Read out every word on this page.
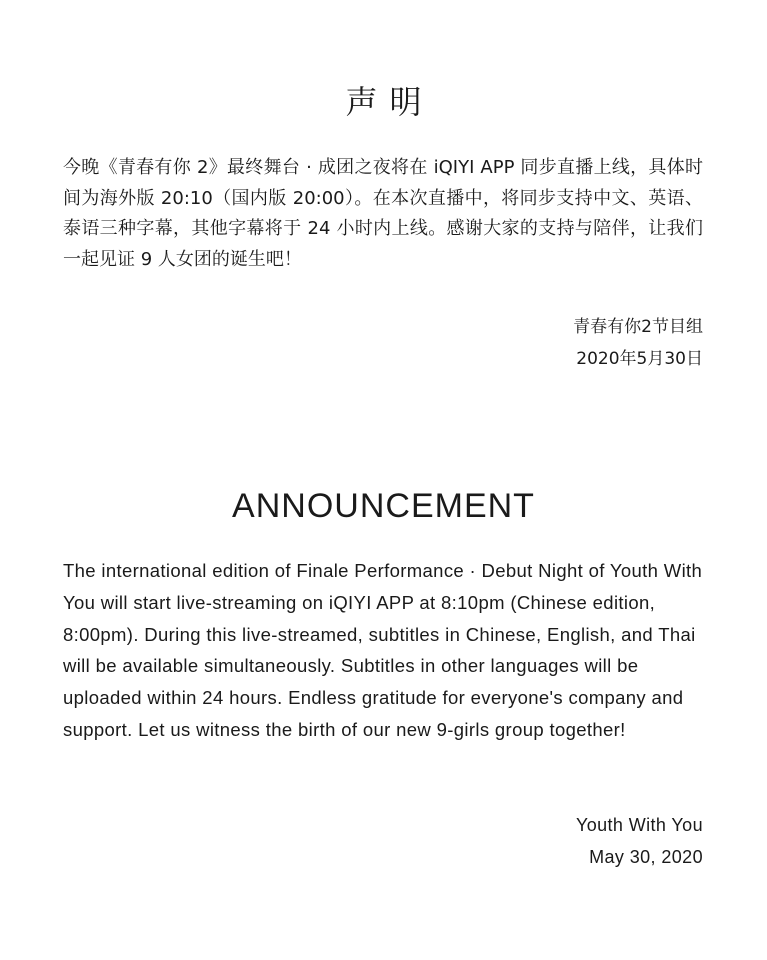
声明

今晚《青春有你 2》最终舞台 · 成团之夜将在 iQIYI APP 同步直播上线，具体时间为海外版 20:10（国内版 20:00）。在本次直播中，将同步支持中文、英语、泰语三种字幕，其他字幕将于 24 小时内上线。感谢大家的支持与陪伴，让我们一起见证 9 人女团的诞生吧！

青春有你2节目组
2020年5月30日
ANNOUNCEMENT

The international edition of Finale Performance · Debut Night of Youth With You will start live-streaming on iQIYI APP at 8:10pm (Chinese edition, 8:00pm). During this live-streamed, subtitles in Chinese, English, and Thai will be available simultaneously. Subtitles in other languages will be uploaded within 24 hours. Endless gratitude for everyone's company and support. Let us witness the birth of our new 9-girls group together!

Youth With You
May 30, 2020
